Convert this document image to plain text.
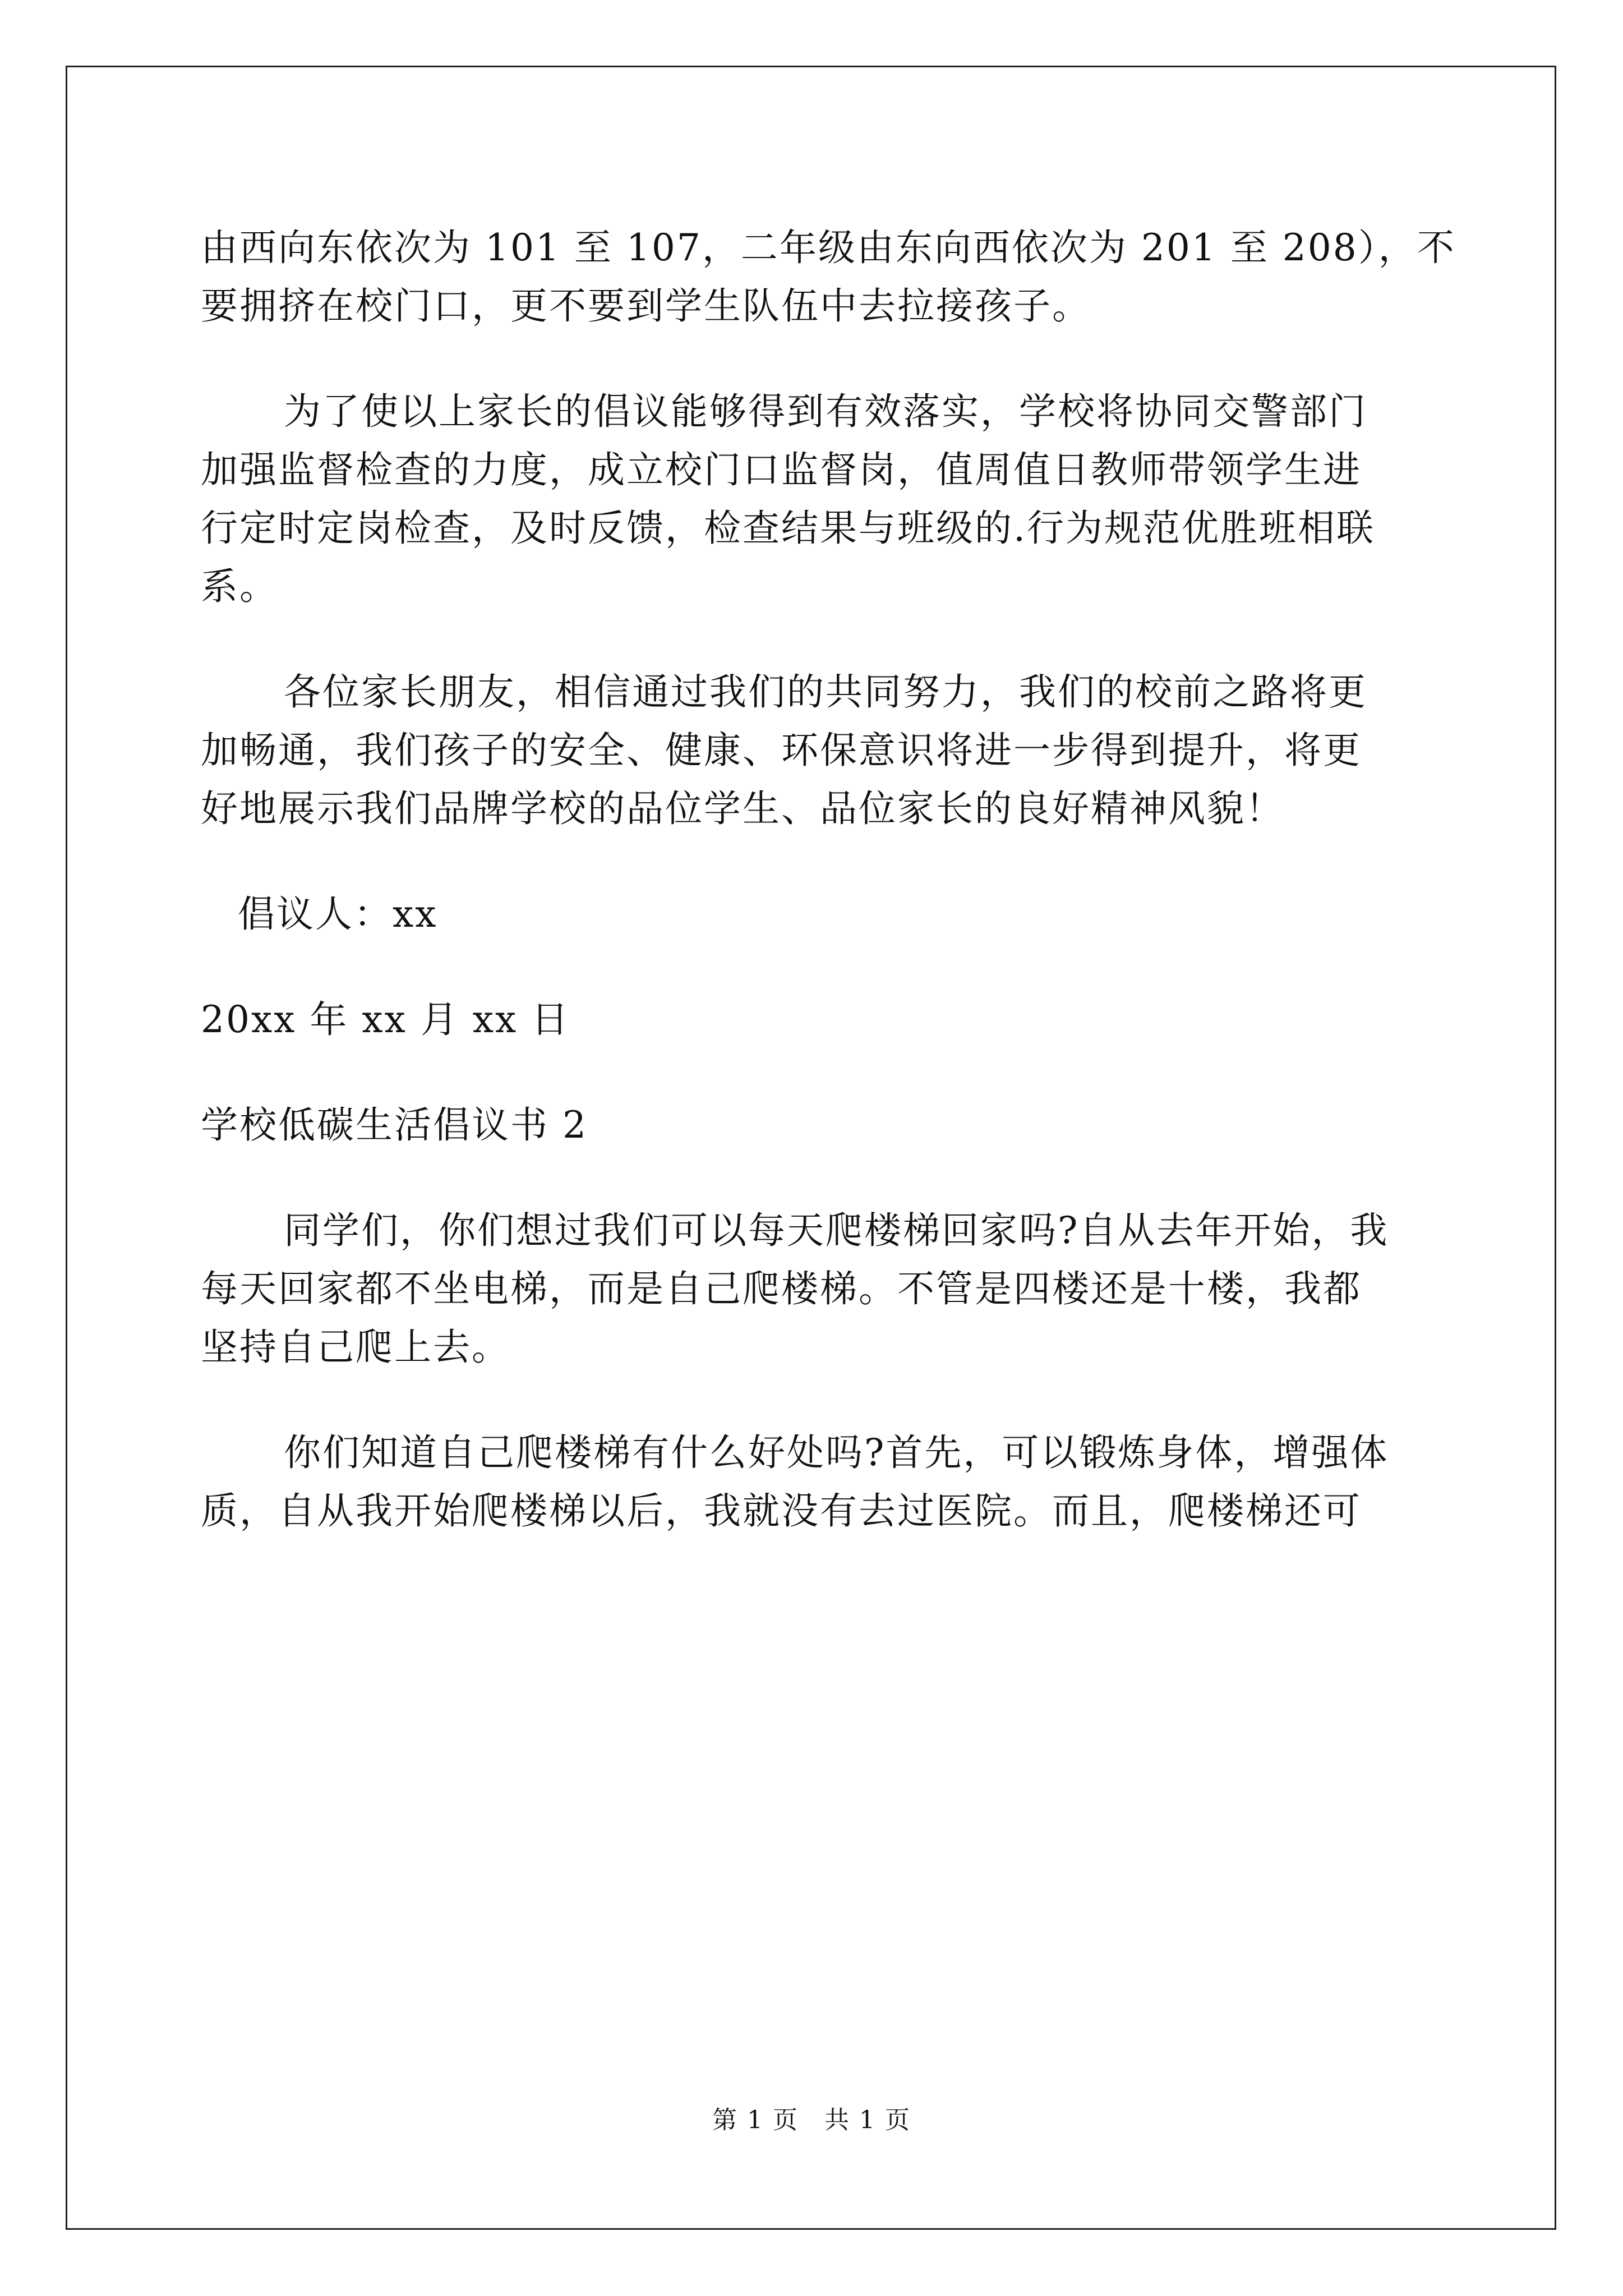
由西向东依次为 101 至 107，二年级由东向西依次为 201 至 208），不

要拥挤在校门口，更不要到学生队伍中去拉接孩子。

为了使以上家长的倡议能够得到有效落实，学校将协同交警部门

加强监督检查的力度，成立校门口监督岗，值周值日教师带领学生进

行定时定岗检查，及时反馈，检查结果与班级的.行为规范优胜班相联

系。

各位家长朋友，相信通过我们的共同努力，我们的校前之路将更

加畅通，我们孩子的安全、健康、环保意识将进一步得到提升，将更

好地展示我们品牌学校的品位学生、品位家长的良好精神风貌！

倡议人：xx

20xx 年 xx 月 xx 日

学校低碳生活倡议书 2

同学们，你们想过我们可以每天爬楼梯回家吗?自从去年开始，我

每天回家都不坐电梯，而是自己爬楼梯。不管是四楼还是十楼，我都

坚持自己爬上去。

你们知道自己爬楼梯有什么好处吗?首先，可以锻炼身体，增强体

质，自从我开始爬楼梯以后，我就没有去过医院。而且，爬楼梯还可

第 1 页　共 1 页
